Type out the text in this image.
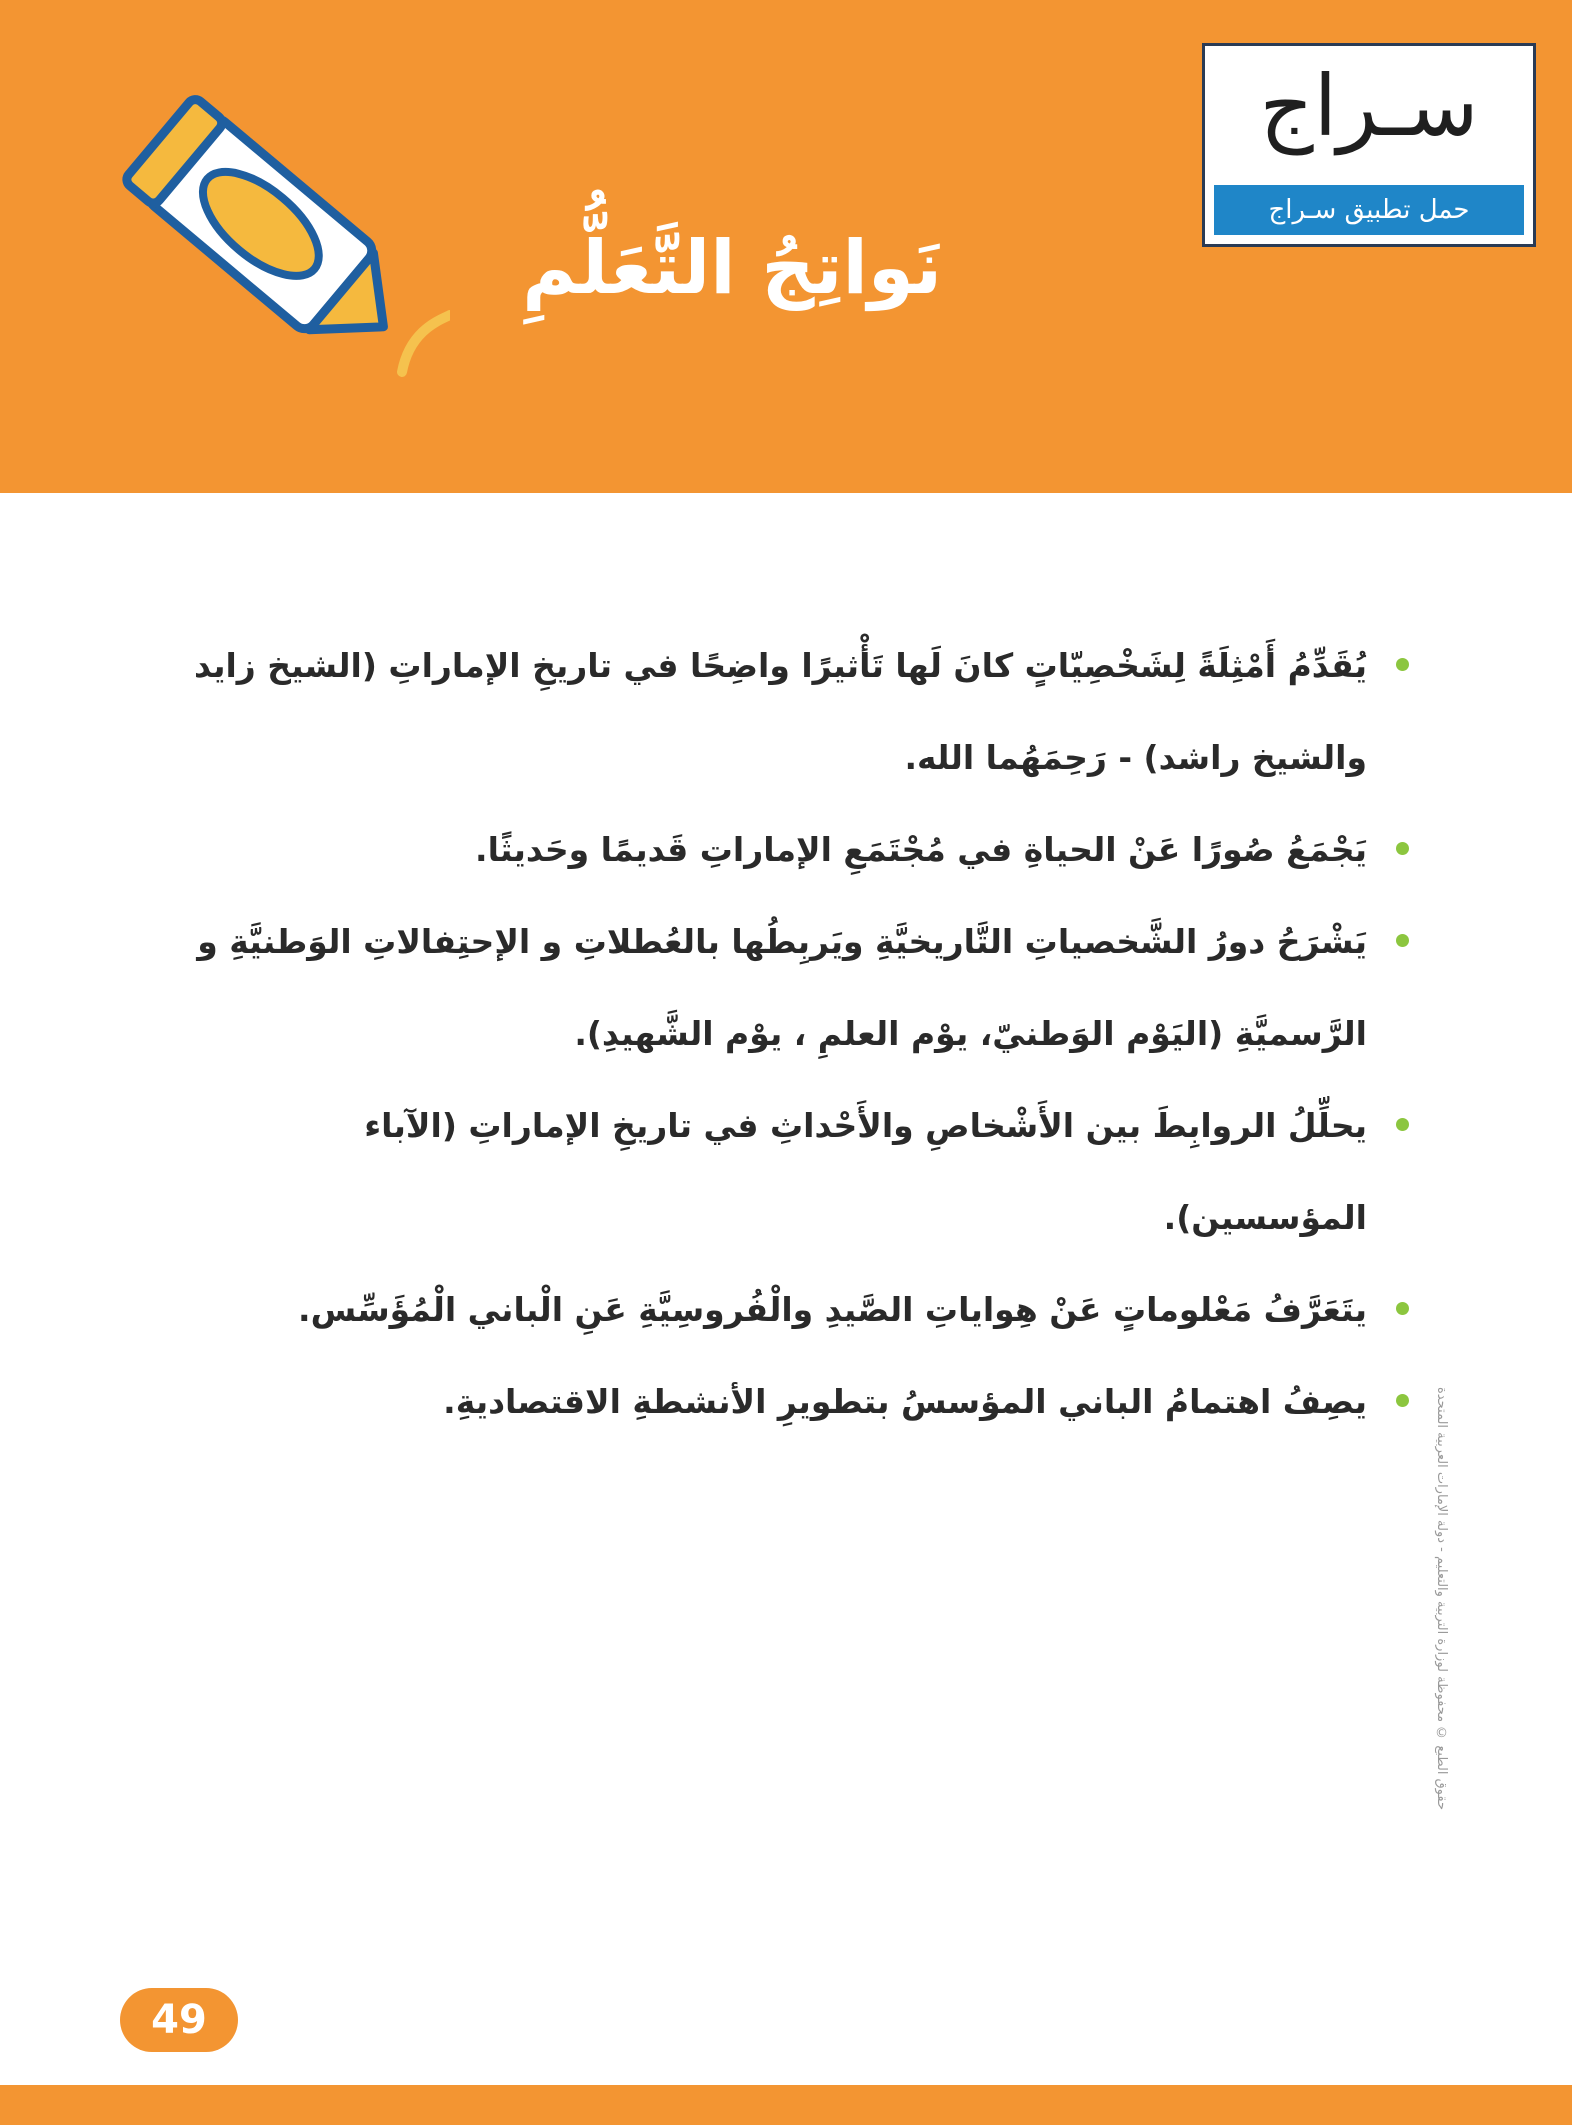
نَواتِجُ التَّعَلُّمِ
سـراج
حمل تطبيق سـراج
يُقَدِّمُ أَمْثِلَةً لِشَخْصِيّاتٍ كانَ لَها تَأْثيرًا واضِحًا في تاريخِ الإماراتِ (الشيخ زايد والشيخ راشد) - رَحِمَهُما الله.
يَجْمَعُ صُورًا عَنْ الحياةِ في مُجْتَمَعِ الإماراتِ قَديمًا وحَديثًا.
يَشْرَحُ دورُ الشَّخصياتِ التَّاريخيَّةِ ويَربِطُها بالعُطلاتِ و الإحتِفالاتِ الوَطنيَّةِ و الرَّسميَّةِ (اليَوْم الوَطنيّ، يوْم العلمِ ، يوْم الشَّهيدِ).
يحلِّلُ الروابِطَ بين الأَشْخاصِ والأَحْداثِ في تاريخِ الإماراتِ (الآباء المؤسسين).
يتَعَرَّفُ مَعْلوماتٍ عَنْ هِواياتِ الصَّيدِ والْفُروسِيَّةِ عَنِ الْباني الْمُؤَسِّس.
يصِفُ اهتمامُ الباني المؤسسُ بتطويرِ الأنشطةِ الاقتصاديةِ.	حقوق الطبع © محفوظة لوزارة التربية والتعليم - دولة الإمارات العربية المتحدة
49
